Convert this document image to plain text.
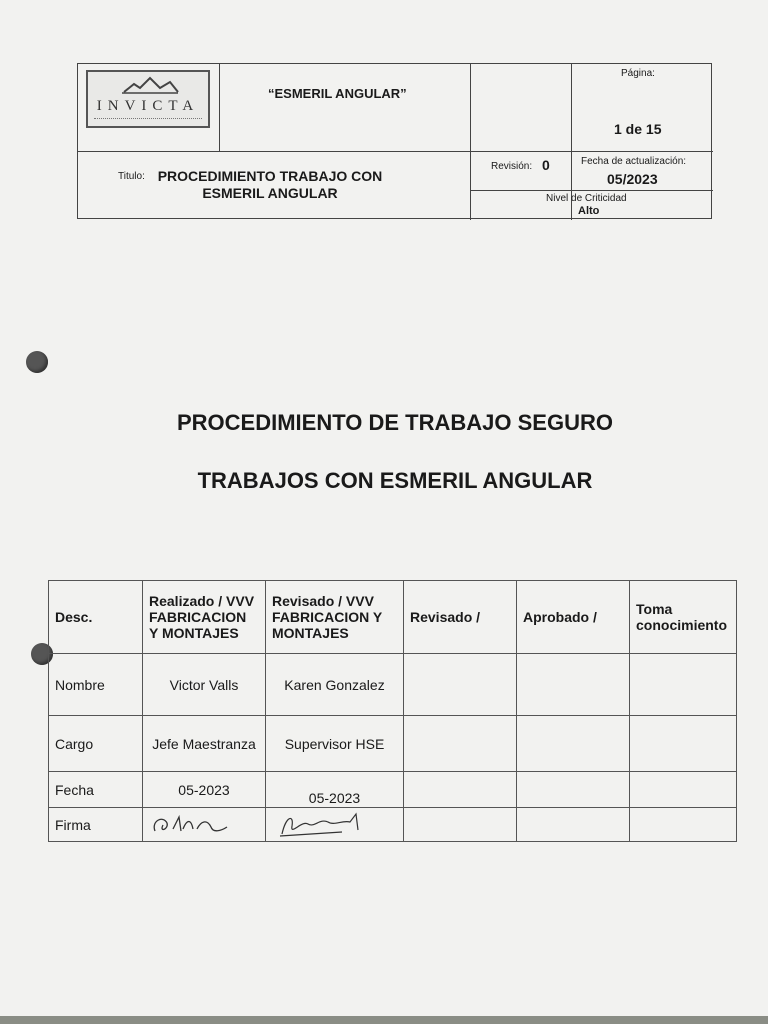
INVICTA
“ESMERIL ANGULAR”
Página:
1 de 15
Titulo: PROCEDIMIENTO TRABAJO CON ESMERIL ANGULAR
Revisión: 0	Fecha de actualización:
05/2023
Nivel de Criticidad
Alto
PROCEDIMIENTO DE TRABAJO SEGURO
TRABAJOS CON ESMERIL ANGULAR
Desc.	Realizado / VVV FABRICACION Y MONTAJES	Revisado / VVV FABRICACION Y MONTAJES	Revisado /	Aprobado /	Toma conocimiento
Nombre	Victor Valls	Karen Gonzalez			
Cargo	Jefe Maestranza	Supervisor HSE			
Fecha	05-2023	05-2023			
Firma	
